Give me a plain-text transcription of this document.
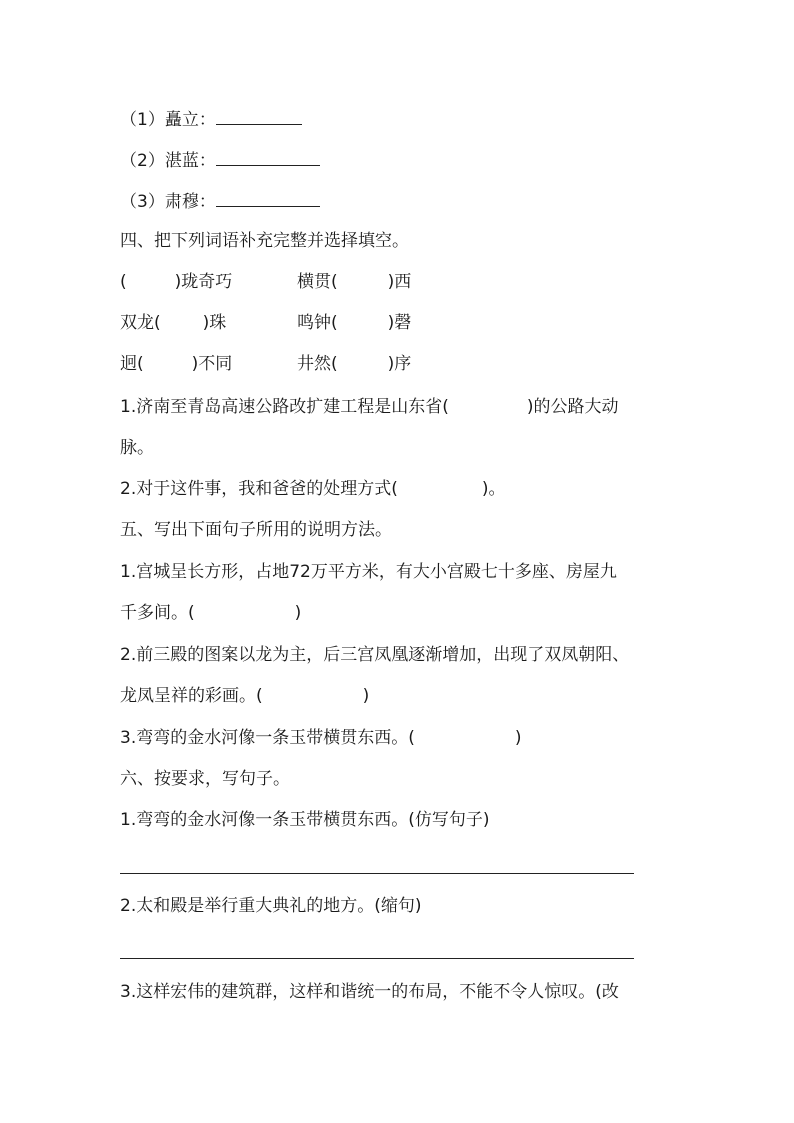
（1）矗立：
（2）湛蓝：
（3）肃穆：
四、把下列词语补充完整并选择填空。
(	)珑奇巧	横贯(	)西
双龙( )珠	鸣钟(	)磬
迥(	)不同	井然(	)序
1.济南至青岛高速公路改扩建工程是山东省(	)的公路大动
脉。
2.对于这件事，我和爸爸的处理方式(	)。
五、写出下面句子所用的说明方法。
1.宫城呈长方形，占地72万平方米，有大小宫殿七十多座、房屋九
千多间。(	)
2.前三殿的图案以龙为主，后三宫凤凰逐渐增加，出现了双凤朝阳、
龙凤呈祥的彩画。(	)
3.弯弯的金水河像一条玉带横贯东西。(	)
六、按要求，写句子。
1.弯弯的金水河像一条玉带横贯东西。(仿写句子)
2.太和殿是举行重大典礼的地方。(缩句)
3.这样宏伟的建筑群，这样和谐统一的布局，不能不令人惊叹。(改
